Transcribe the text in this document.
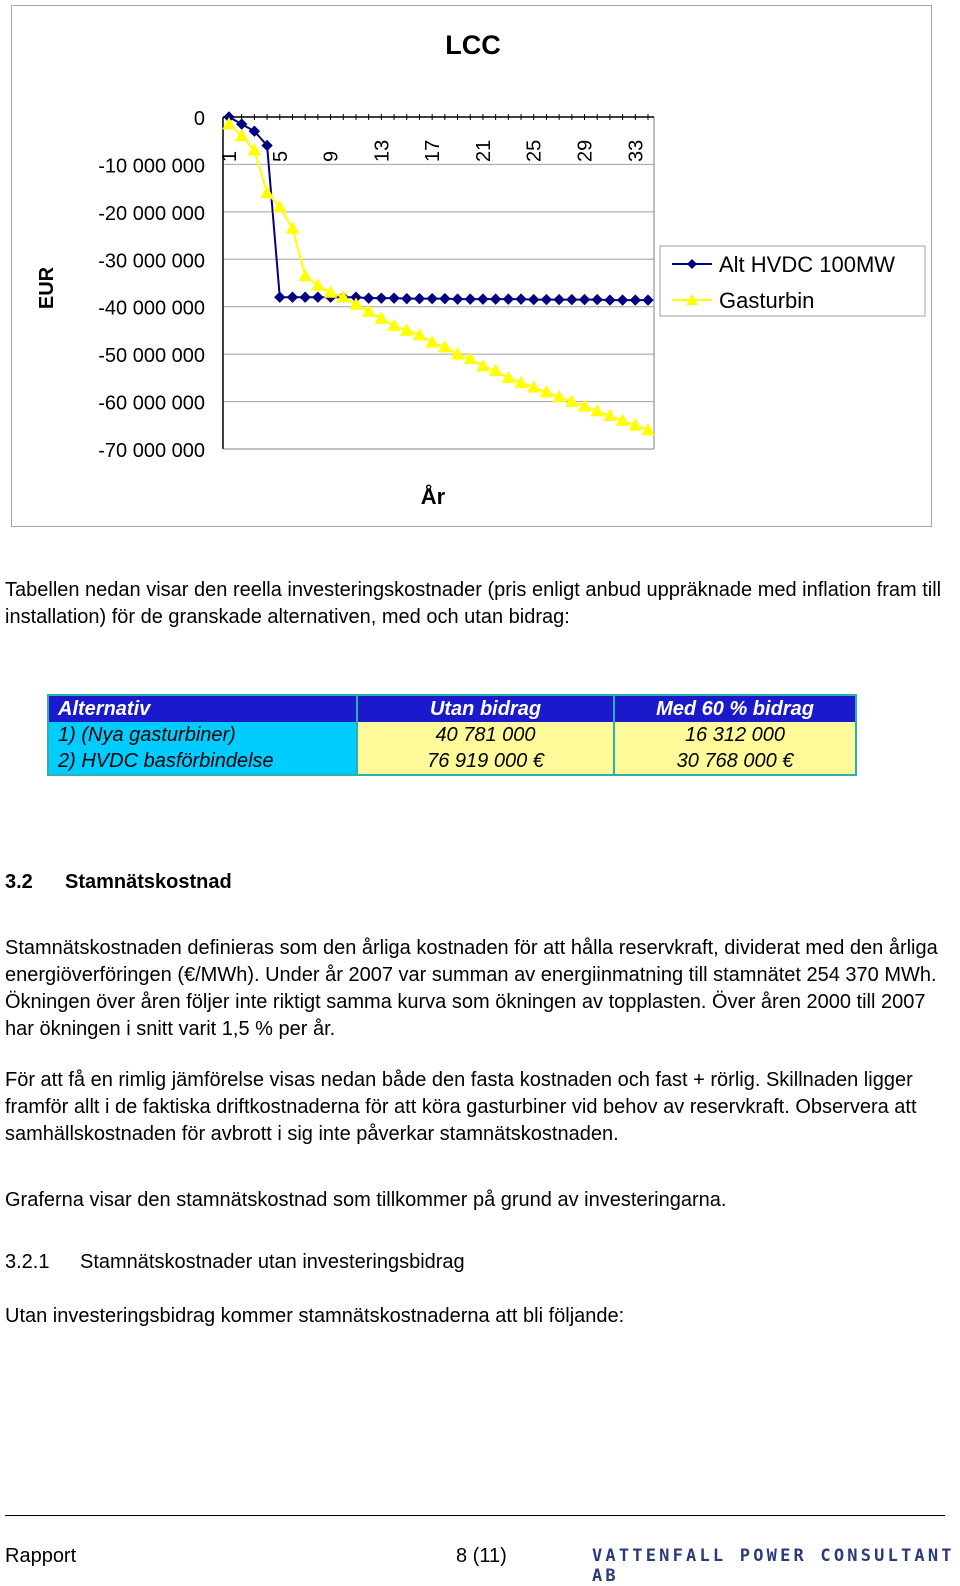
0
-10 000 000
-20 000 000
-30 000 000
-40 000 000
-50 000 000
-60 000 000
-70 000 000
1 5 9 13 17 21 25 29 33
LCC
År
EUR
Alt HVDC 100MW
Gasturbin
Tabellen nedan visar den reella investeringskostnader (pris enligt anbud uppräknade med inflation fram till installation) för de granskade alternativen, med och utan bidrag:
Alternativ	Utan bidrag	Med 60 % bidrag
1) (Nya gasturbiner)	40 781 000	16 312 000
2) HVDC basförbindelse	76 919 000 €	30 768 000 €
3.2 Stamnätskostnad
Stamnätskostnaden definieras som den årliga kostnaden för att hålla reservkraft, dividerat med den årliga energiöverföringen (€/MWh). Under år 2007 var summan av energiinmatning till stamnätet 254 370 MWh. Ökningen över åren följer inte riktigt samma kurva som ökningen av topplasten. Över åren 2000 till 2007 har ökningen i snitt varit 1,5 % per år.
För att få en rimlig jämförelse visas nedan både den fasta kostnaden och fast + rörlig. Skillnaden ligger framför allt i de faktiska driftkostnaderna för att köra gasturbiner vid behov av reservkraft. Observera att samhällskostnaden för avbrott i sig inte påverkar stamnätskostnaden.
Graferna visar den stamnätskostnad som tillkommer på grund av investeringarna.
3.2.1 Stamnätskostnader utan investeringsbidrag
Utan investeringsbidrag kommer stamnätskostnaderna att bli följande:
Rapport	8 (11)	VATTENFALL POWER CONSULTANT AB
